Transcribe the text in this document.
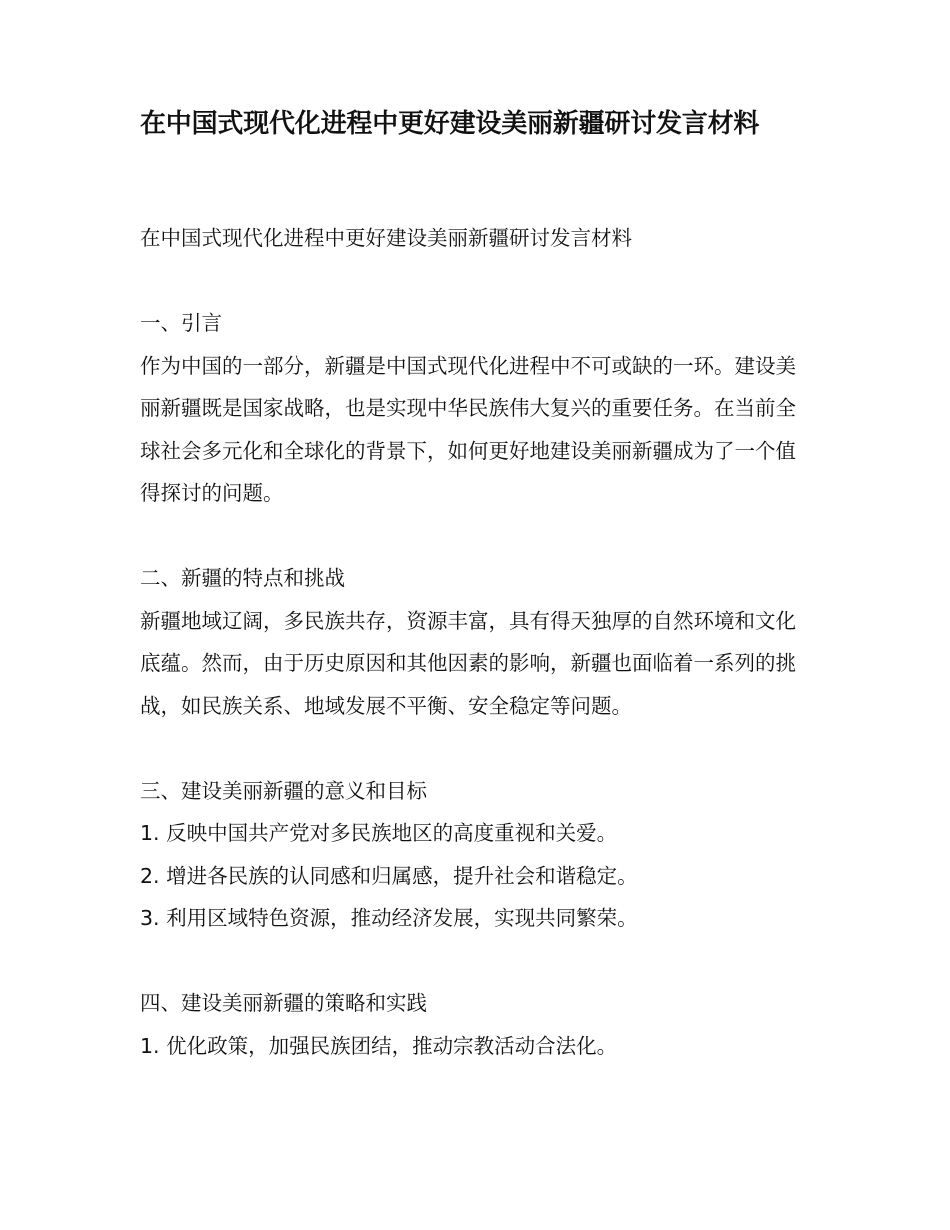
在中国式现代化进程中更好建设美丽新疆研讨发言材料

在中国式现代化进程中更好建设美丽新疆研讨发言材料

一、引言

作为中国的一部分，新疆是中国式现代化进程中不可或缺的一环。建设美丽新疆既是国家战略，也是实现中华民族伟大复兴的重要任务。在当前全球社会多元化和全球化的背景下，如何更好地建设美丽新疆成为了一个值得探讨的问题。

二、新疆的特点和挑战

新疆地域辽阔，多民族共存，资源丰富，具有得天独厚的自然环境和文化底蕴。然而，由于历史原因和其他因素的影响，新疆也面临着一系列的挑战，如民族关系、地域发展不平衡、安全稳定等问题。

三、建设美丽新疆的意义和目标

1. 反映中国共产党对多民族地区的高度重视和关爱。

2. 增进各民族的认同感和归属感，提升社会和谐稳定。

3. 利用区域特色资源，推动经济发展，实现共同繁荣。

四、建设美丽新疆的策略和实践

1. 优化政策，加强民族团结，推动宗教活动合法化。
